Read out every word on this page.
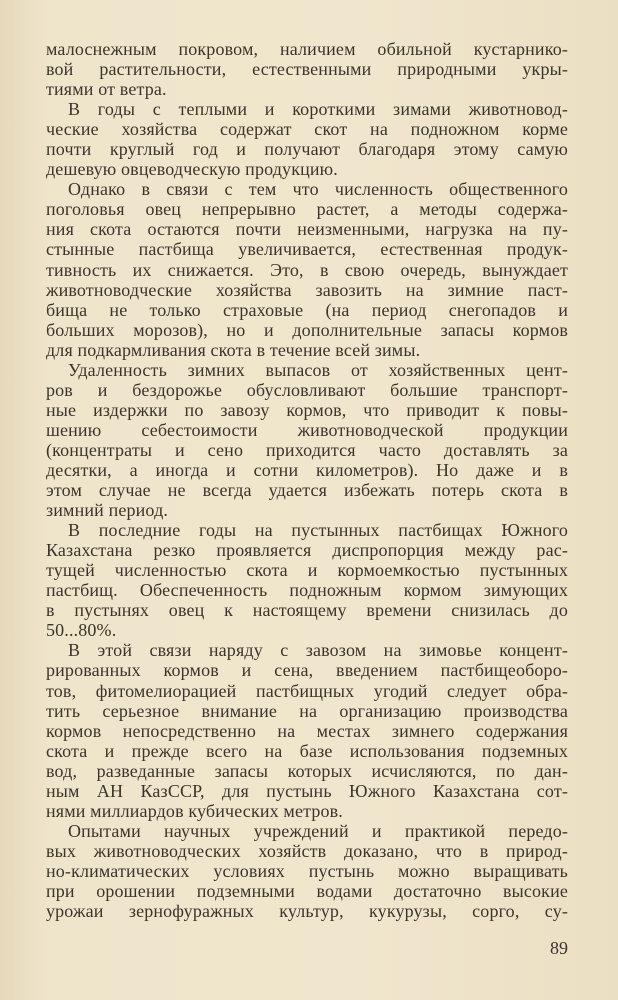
малоснежным покровом, наличием обильной кустарнико-
вой растительности, естественными природными укры-
тиями от ветра.
В годы с теплыми и короткими зимами животновод-
ческие хозяйства содержат скот на подножном корме
почти круглый год и получают благодаря этому самую
дешевую овцеводческую продукцию.
Однако в связи с тем что численность общественного
поголовья овец непрерывно растет, а методы содержа-
ния скота остаются почти неизменными, нагрузка на пу-
стынные пастбища увеличивается, естественная продук-
тивность их снижается. Это, в свою очередь, вынуждает
животноводческие хозяйства завозить на зимние паст-
бища не только страховые (на период снегопадов и
больших морозов), но и дополнительные запасы кормов
для подкармливания скота в течение всей зимы.
Удаленность зимних выпасов от хозяйственных цент-
ров и бездорожье обусловливают большие транспорт-
ные издержки по завозу кормов, что приводит к повы-
шению себестоимости животноводческой продукции
(концентраты и сено приходится часто доставлять за
десятки, а иногда и сотни километров). Но даже и в
этом случае не всегда удается избежать потерь скота в
зимний период.
В последние годы на пустынных пастбищах Южного
Казахстана резко проявляется диспропорция между рас-
тущей численностью скота и кормоемкостью пустынных
пастбищ. Обеспеченность подножным кормом зимующих
в пустынях овец к настоящему времени снизилась до
50...80%.
В этой связи наряду с завозом на зимовье концент-
рированных кормов и сена, введением пастбищеоборо-
тов, фитомелиорацией пастбищных угодий следует обра-
тить серьезное внимание на организацию производства
кормов непосредственно на местах зимнего содержания
скота и прежде всего на базе использования подземных
вод, разведанные запасы которых исчисляются, по дан-
ным АН КазССР, для пустынь Южного Казахстана сот-
нями миллиардов кубических метров.
Опытами научных учреждений и практикой передо-
вых животноводческих хозяйств доказано, что в природ-
но-климатических условиях пустынь можно выращивать
при орошении подземными водами достаточно высокие
урожаи зернофуражных культур, кукурузы, сорго, су-
89
